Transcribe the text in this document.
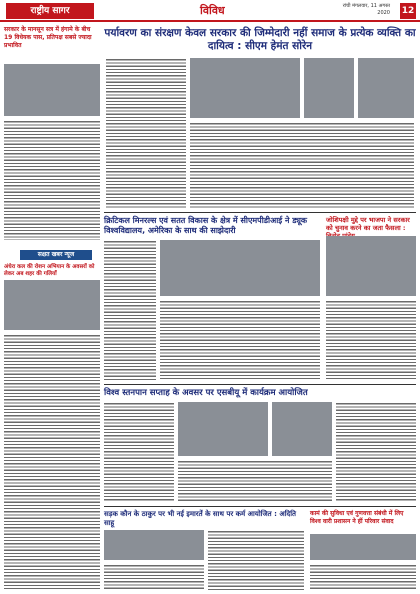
राष्ट्रीय सागर	विविध	रांची मंगलवार, 11 अगस्त 2020 12
सरकार के मानसून सत्र में हंगामे के बीच 19 विधेयक पास, प्रतिपक्ष सबसे ज्यादा प्रभावित
सक्षत खबर न्यूज
अंधेरा कल की रोशन अभियान के अवसरों को लेकर अब शहर की गलियाँ
पर्यावरण का संरक्षण केवल सरकार की जिम्मेदारी नहीं समाज के प्रत्येक व्यक्ति का दायित्व : सीएम हेमंत सोरेन
क्रिटिकल मिनरल्स एवं सतत विकास के क्षेत्र में सीएमपीडीआई ने ड्यूक विश्वविद्यालय, अमेरिका के साथ की साझेदारी
जोशिपक्षी मुद्दे पर भाजपा ने सरकार को चुनाव करने का जता फैसला :
विश्व स्तनपान सप्ताह के अवसर पर एसबीयू में कार्यक्रम आयोजित
सड़क कौन के ठाकुर पर भी नई इमारतें के साथ पर कर्म आयोजित : अदिति साहू
कामं की सुविधा एवं गुणवत्ता संबंधी में लिए विश्व वारी प्रशासन ने हीं परिवार संवाद
